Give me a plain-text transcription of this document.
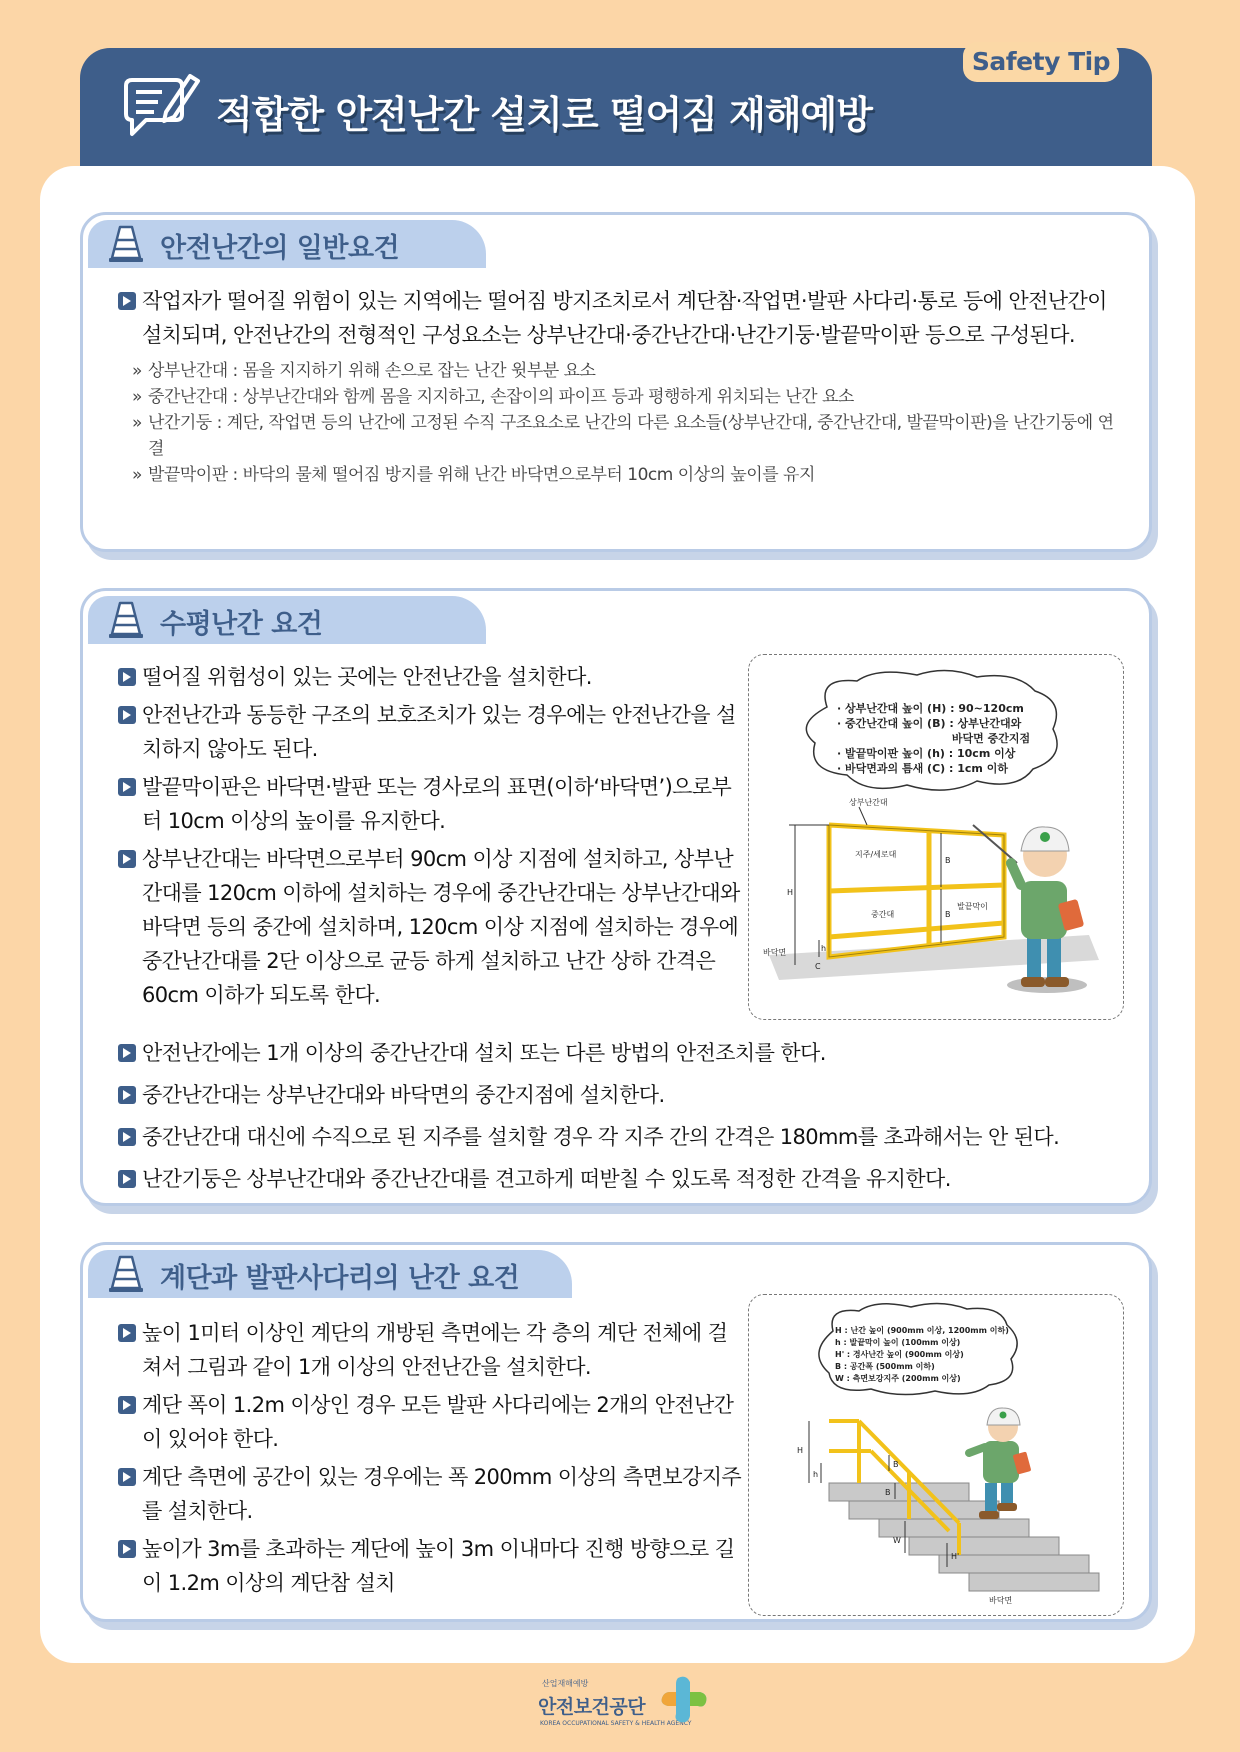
적합한 안전난간 설치로 떨어짐 재해예방
Safety Tip
안전난간의 일반요건
작업자가 떨어질 위험이 있는 지역에는 떨어짐 방지조치로서 계단참·작업면·발판 사다리·통로 등에 안전난간이 설치되며, 안전난간의 전형적인 구성요소는 상부난간대·중간난간대·난간기둥·발끝막이판 등으로 구성된다.
» 상부난간대 : 몸을 지지하기 위해 손으로 잡는 난간 윗부분 요소
» 중간난간대 : 상부난간대와 함께 몸을 지지하고, 손잡이의 파이프 등과 평행하게 위치되는 난간 요소
» 난간기둥 : 계단, 작업면 등의 난간에 고정된 수직 구조요소로 난간의 다른 요소들(상부난간대, 중간난간대, 발끝막이판)을 난간기둥에 연결
» 발끝막이판 : 바닥의 물체 떨어짐 방지를 위해 난간 바닥면으로부터 10cm 이상의 높이를 유지
수평난간 요건
떨어질 위험성이 있는 곳에는 안전난간을 설치한다.
안전난간과 동등한 구조의 보호조치가 있는 경우에는 안전난간을 설치하지 않아도 된다.
발끝막이판은 바닥면·발판 또는 경사로의 표면(이하‘바닥면’)으로부터 10cm 이상의 높이를 유지한다.
상부난간대는 바닥면으로부터 90cm 이상 지점에 설치하고, 상부난간대를 120cm 이하에 설치하는 경우에 중간난간대는 상부난간대와 바닥면 등의 중간에 설치하며, 120cm 이상 지점에 설치하는 경우에 중간난간대를 2단 이상으로 균등 하게 설치하고 난간 상하 간격은 60cm 이하가 되도록 한다.
안전난간에는 1개 이상의 중간난간대 설치 또는 다른 방법의 안전조치를 한다.
중간난간대는 상부난간대와 바닥면의 중간지점에 설치한다.
중간난간대 대신에 수직으로 된 지주를 설치할 경우 각 지주 간의 간격은 180mm를 초과해서는 안 된다.
난간기둥은 상부난간대와 중간난간대를 견고하게 떠받칠 수 있도록 적정한 간격을 유지한다.
· 상부난간대 높이 (H) : 90~120cm
· 중간난간대 높이 (B) : 상부난간대와
바닥면 중간지점
· 발끝막이판 높이 (h) : 10cm 이상
· 바닥면과의 틈새 (C) : 1cm 이하
상부난간대
지주/세로대
중간대
발끝막이
바닥면
H
B
B
h
C
계단과 발판사다리의 난간 요건
높이 1미터 이상인 계단의 개방된 측면에는 각 층의 계단 전체에 걸쳐서 그림과 같이 1개 이상의 안전난간을 설치한다.
계단 폭이 1.2m 이상인 경우 모든 발판 사다리에는 2개의 안전난간이 있어야 한다.
계단 측면에 공간이 있는 경우에는 폭 200mm 이상의 측면보강지주를 설치한다.
높이가 3m를 초과하는 계단에 높이 3m 이내마다 진행 방향으로 길이 1.2m 이상의 계단참 설치
H : 난간 높이 (900mm 이상, 1200mm 이하)
h : 발끝막이 높이 (100mm 이상)
H' : 경사난간 높이 (900mm 이상)
B : 공간폭 (500mm 이하)
W : 측면보강지주 (200mm 이상)
H
h
B
B
H'
W
바닥면
산업재해예방
안전보건공단
KOREA OCCUPATIONAL SAFETY & HEALTH AGENCY
